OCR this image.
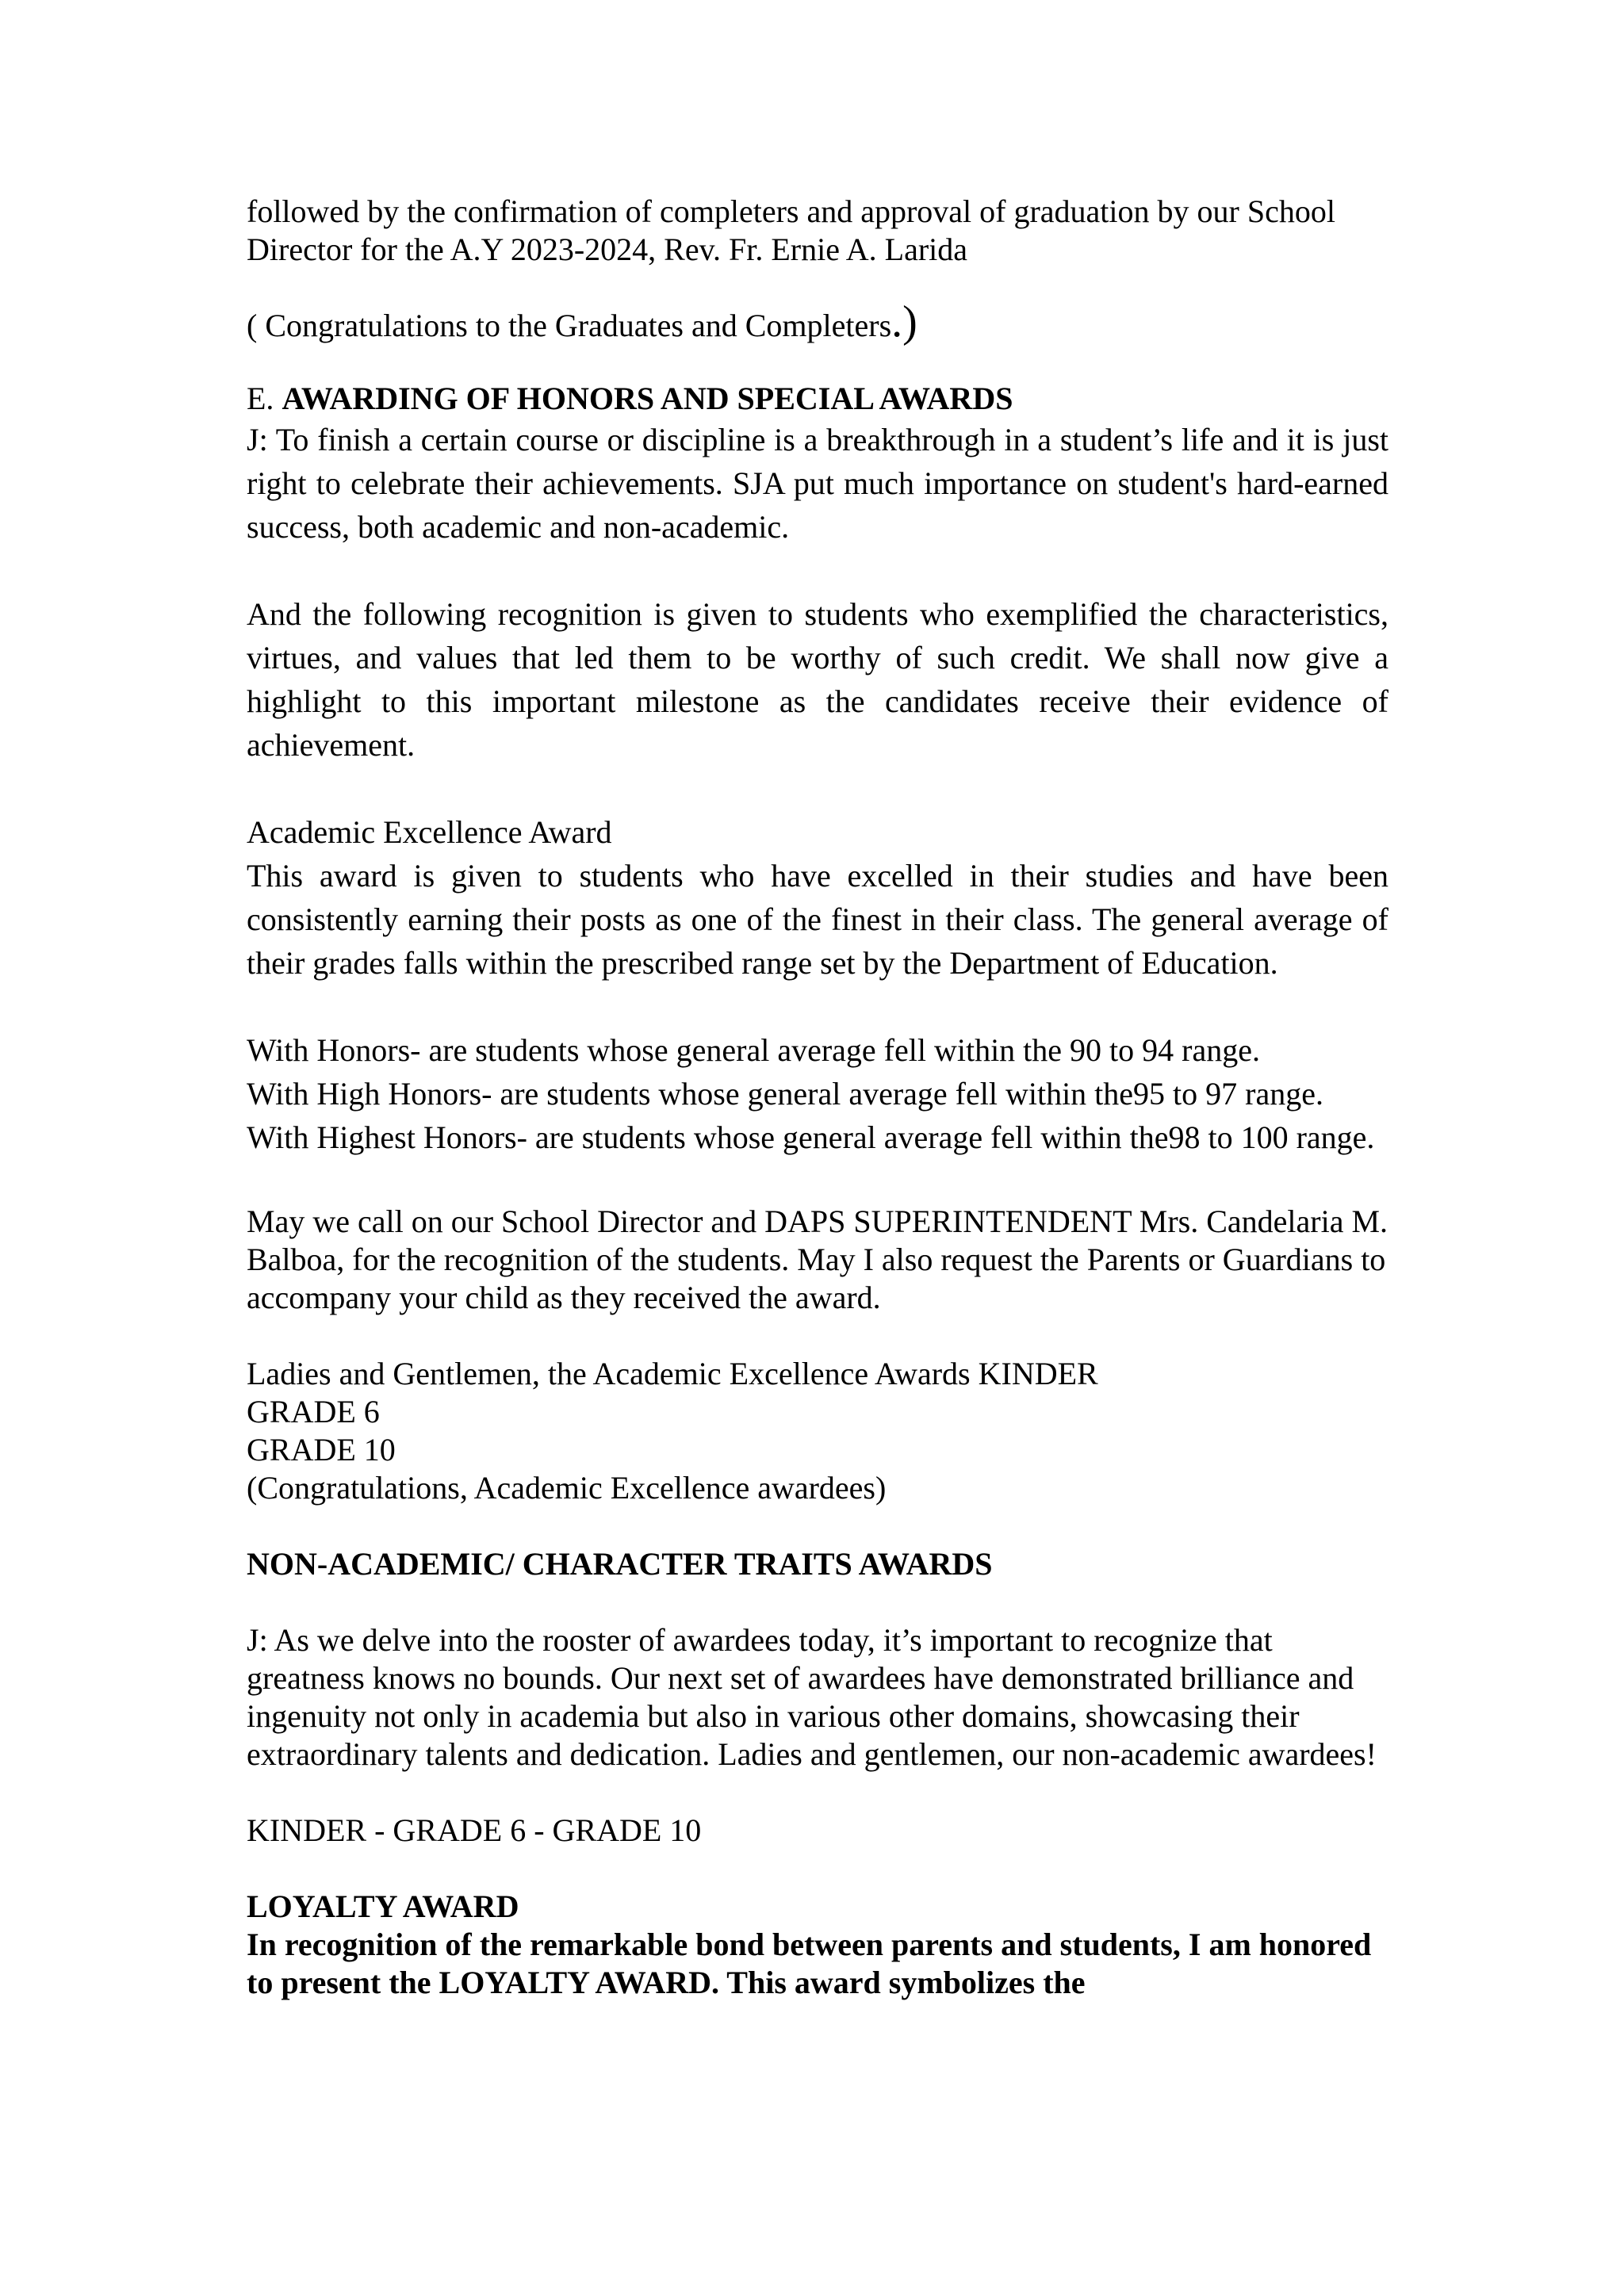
followed by the confirmation of completers and approval of graduation by our School Director for the A.Y 2023-2024, Rev. Fr. Ernie A. Larida

( Congratulations to the Graduates and Completers.)

E. AWARDING OF HONORS AND SPECIAL AWARDS

J: To finish a certain course or discipline is a breakthrough in a student’s life and it is just right to celebrate their achievements. SJA put much importance on student's hard-earned success, both academic and non-academic.

And the following recognition is given to students who exemplified the characteristics, virtues, and values that led them to be worthy of such credit. We shall now give a highlight to this important milestone as the candidates receive their evidence of achievement.

Academic Excellence Award

This award is given to students who have excelled in their studies and have been consistently earning their posts as one of the finest in their class. The general average of their grades falls within the prescribed range set by the Department of Education.

With Honors- are students whose general average fell within the 90 to 94 range.

With High Honors- are students whose general average fell within the95 to 97 range.

With Highest Honors- are students whose general average fell within the98 to 100 range.

May we call on our School Director and DAPS SUPERINTENDENT Mrs. Candelaria M. Balboa, for the recognition of the students. May I also request the Parents or Guardians to accompany your child as they received the award.

Ladies and Gentlemen, the Academic Excellence Awards KINDER
GRADE 6
GRADE 10
(Congratulations, Academic Excellence awardees)

NON-ACADEMIC/ CHARACTER TRAITS AWARDS

J: As we delve into the rooster of awardees today, it’s important to recognize that greatness knows no bounds. Our next set of awardees have demonstrated brilliance and ingenuity not only in academia but also in various other domains, showcasing their extraordinary talents and dedication. Ladies and gentlemen, our non-academic awardees!

KINDER - GRADE 6 - GRADE 10

LOYALTY AWARD

In recognition of the remarkable bond between parents and students, I am honored to present the LOYALTY AWARD. This award symbolizes the
